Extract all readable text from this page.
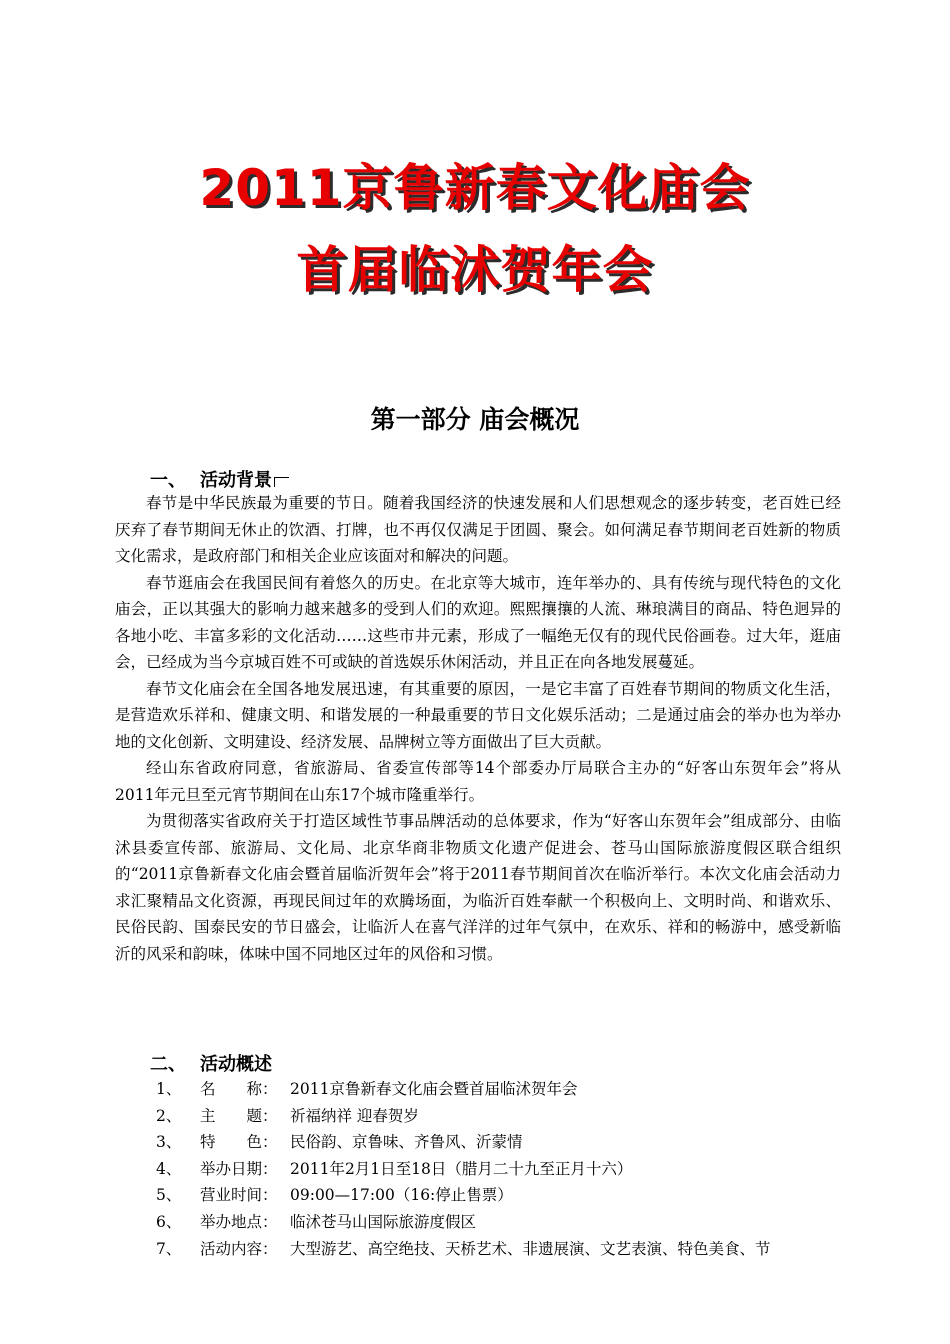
2011京鲁新春文化庙会
首届临沭贺年会
第一部分 庙会概况
一、 活动背景

春节是中华民族最为重要的节日。随着我国经济的快速发展和人们思想观念的逐步转变，老百姓已经厌弃了春节期间无休止的饮酒、打牌，也不再仅仅满足于团圆、聚会。如何满足春节期间老百姓新的物质文化需求，是政府部门和相关企业应该面对和解决的问题。

春节逛庙会在我国民间有着悠久的历史。在北京等大城市，连年举办的、具有传统与现代特色的文化庙会，正以其强大的影响力越来越多的受到人们的欢迎。熙熙攘攘的人流、琳琅满目的商品、特色迥异的各地小吃、丰富多彩的文化活动……这些市井元素，形成了一幅绝无仅有的现代民俗画卷。过大年，逛庙会，已经成为当今京城百姓不可或缺的首选娱乐休闲活动，并且正在向各地发展蔓延。

春节文化庙会在全国各地发展迅速，有其重要的原因，一是它丰富了百姓春节期间的物质文化生活，是营造欢乐祥和、健康文明、和谐发展的一种最重要的节日文化娱乐活动；二是通过庙会的举办也为举办地的文化创新、文明建设、经济发展、品牌树立等方面做出了巨大贡献。

经山东省政府同意，省旅游局、省委宣传部等14个部委办厅局联合主办的“好客山东贺年会”将从2011年元旦至元宵节期间在山东17个城市隆重举行。

为贯彻落实省政府关于打造区域性节事品牌活动的总体要求，作为“好客山东贺年会”组成部分、由临沭县委宣传部、旅游局、文化局、北京华商非物质文化遗产促进会、苍马山国际旅游度假区联合组织的“2011京鲁新春文化庙会暨首届临沂贺年会”将于2011春节期间首次在临沂举行。本次文化庙会活动力求汇聚精品文化资源，再现民间过年的欢腾场面，为临沂百姓奉献一个积极向上、文明时尚、和谐欢乐、民俗民韵、国泰民安的节日盛会，让临沂人在喜气洋洋的过年气氛中，在欢乐、祥和的畅游中，感受新临沂的风采和韵味，体味中国不同地区过年的风俗和习惯。

二、 活动概述
1、 名　　称： 2011京鲁新春文化庙会暨首届临沭贺年会
2、 主　　题： 祈福纳祥 迎春贺岁
3、 特　　色： 民俗韵、京鲁味、齐鲁风、沂蒙情
4、 举办日期： 2011年2月1日至18日（腊月二十九至正月十六）
5、 营业时间： 09:00—17:00（16:停止售票）
6、 举办地点： 临沭苍马山国际旅游度假区
7、 活动内容： 大型游艺、高空绝技、天桥艺术、非遗展演、文艺表演、特色美食、节
